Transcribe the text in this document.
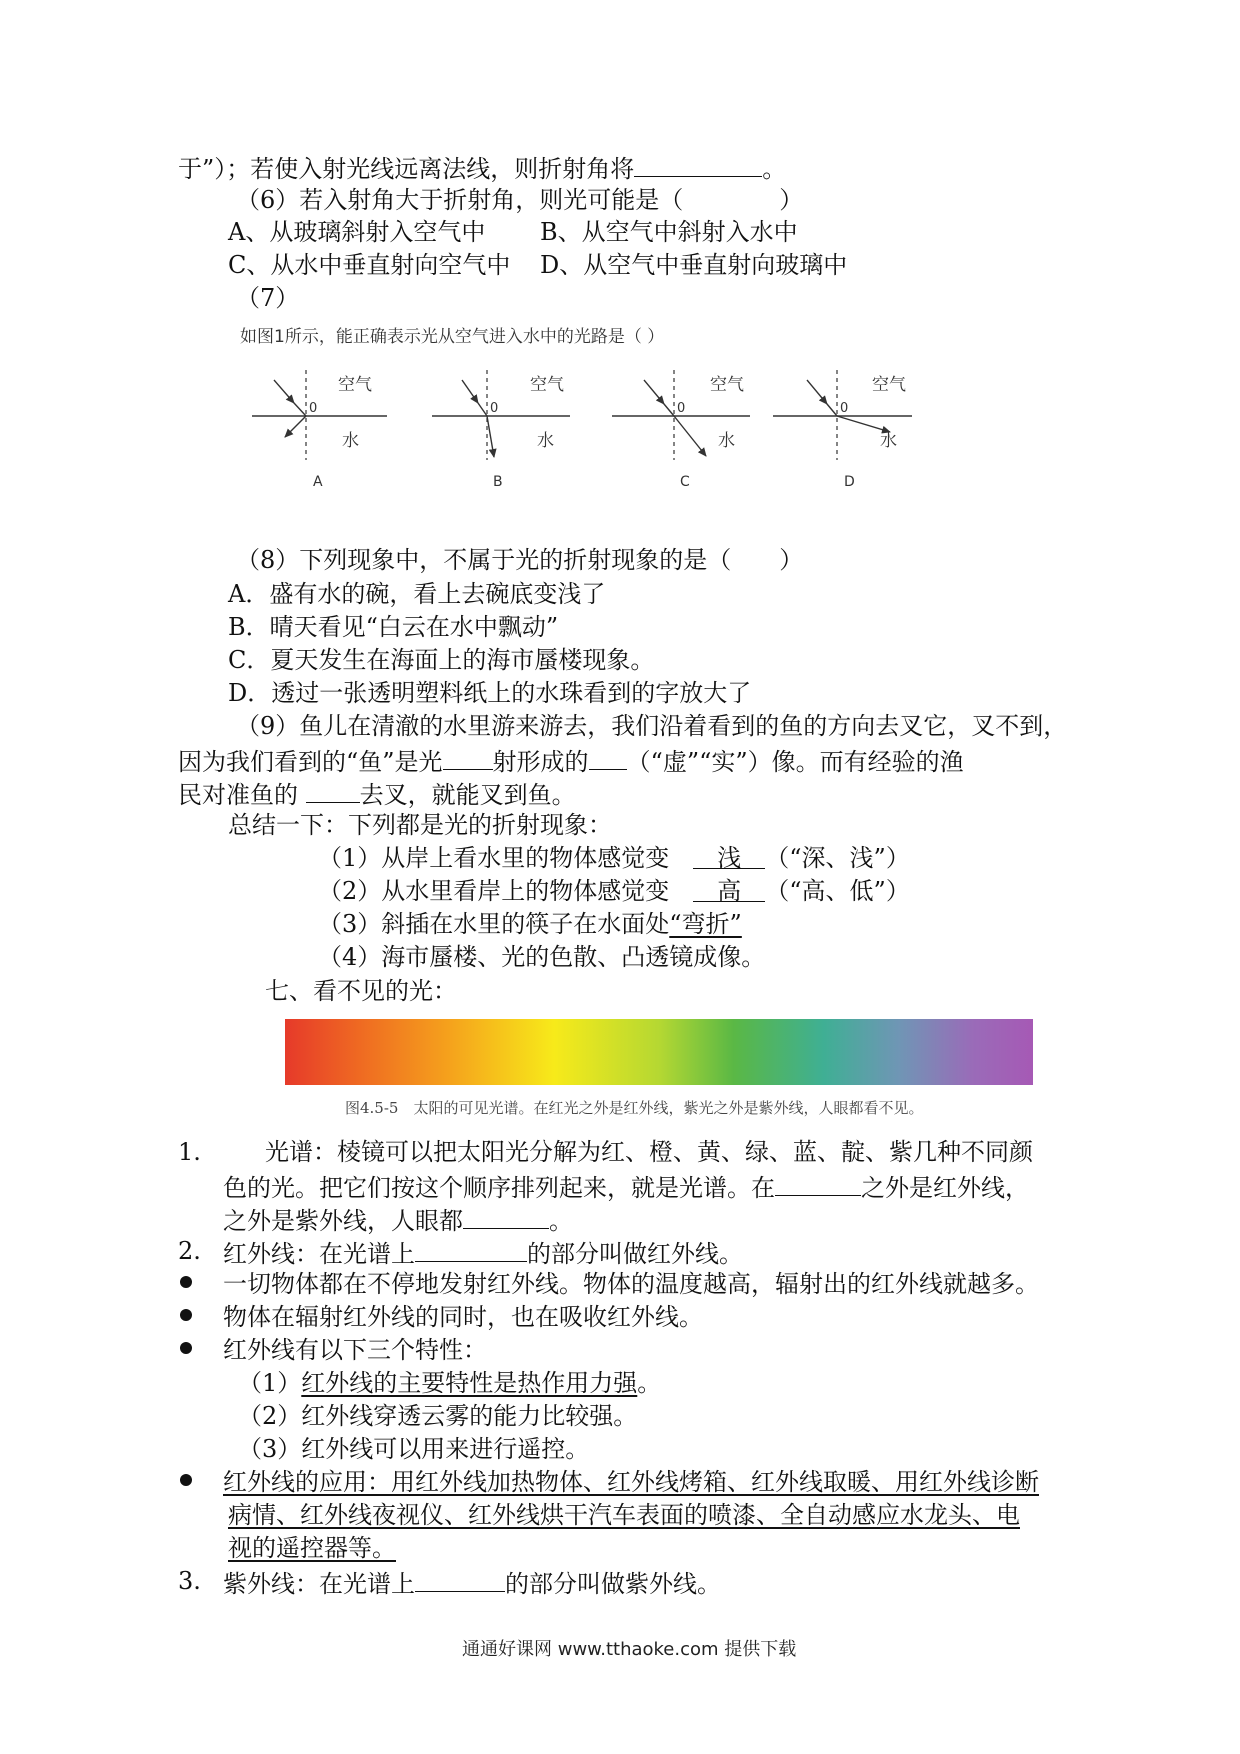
于”）；若使入射光线远离法线，则折射角将	。
（6）若入射角大于折射角，则光可能是（　　　　）
A、从玻璃斜射入空气中 B、从空气中斜射入水中
C、从水中垂直射向空气中 D、从空气中垂直射向玻璃中
（7）
如图1所示，能正确表示光从空气进入水中的光路是（ ）
0
空气
水
A
0
空气
水
B
0
空气
水
C
0
空气
水
D
（8）下列现象中，不属于光的折射现象的是（　　）
A．盛有水的碗，看上去碗底变浅了
B．晴天看见“白云在水中飘动”
C．夏天发生在海面上的海市蜃楼现象。
D．透过一张透明塑料纸上的水珠看到的字放大了
（9）鱼儿在清澈的水里游来游去，我们沿着看到的鱼的方向去叉它，叉不到，
因为我们看到的“鱼”是光 射形成的 （“虚”“实”）像。而有经验的渔
民对准鱼的 去叉，就能叉到鱼。
总结一下：下列都是光的折射现象：
（1）从岸上看水里的物体感觉变　 浅 （“深、浅”）
（2）从水里看岸上的物体感觉变　 高 （“高、低”）
（3）斜插在水里的筷子在水面处“弯折”
（4）海市蜃楼、光的色散、凸透镜成像。
七、看不见的光：
图4.5-5　太阳的可见光谱。在红光之外是红外线，紫光之外是紫外线，人眼都看不见。
1.	光谱：棱镜可以把太阳光分解为红、橙、黄、绿、蓝、靛、紫几种不同颜
色的光。把它们按这个顺序排列起来，就是光谱。在	之外是红外线，
之外是紫外线，人眼都	。
2. 红外线：在光谱上	的部分叫做红外线。
一切物体都在不停地发射红外线。物体的温度越高，辐射出的红外线就越多。
物体在辐射红外线的同时，也在吸收红外线。
红外线有以下三个特性：
（1）红外线的主要特性是热作用力强。
（2）红外线穿透云雾的能力比较强。
（3）红外线可以用来进行遥控。
红外线的应用：用红外线加热物体、红外线烤箱、红外线取暖、用红外线诊断
病情、红外线夜视仪、红外线烘干汽车表面的喷漆、全自动感应水龙头、电
视的遥控器等。
3. 紫外线：在光谱上	的部分叫做紫外线。
通通好课网 www.tthaoke.com 提供下载
